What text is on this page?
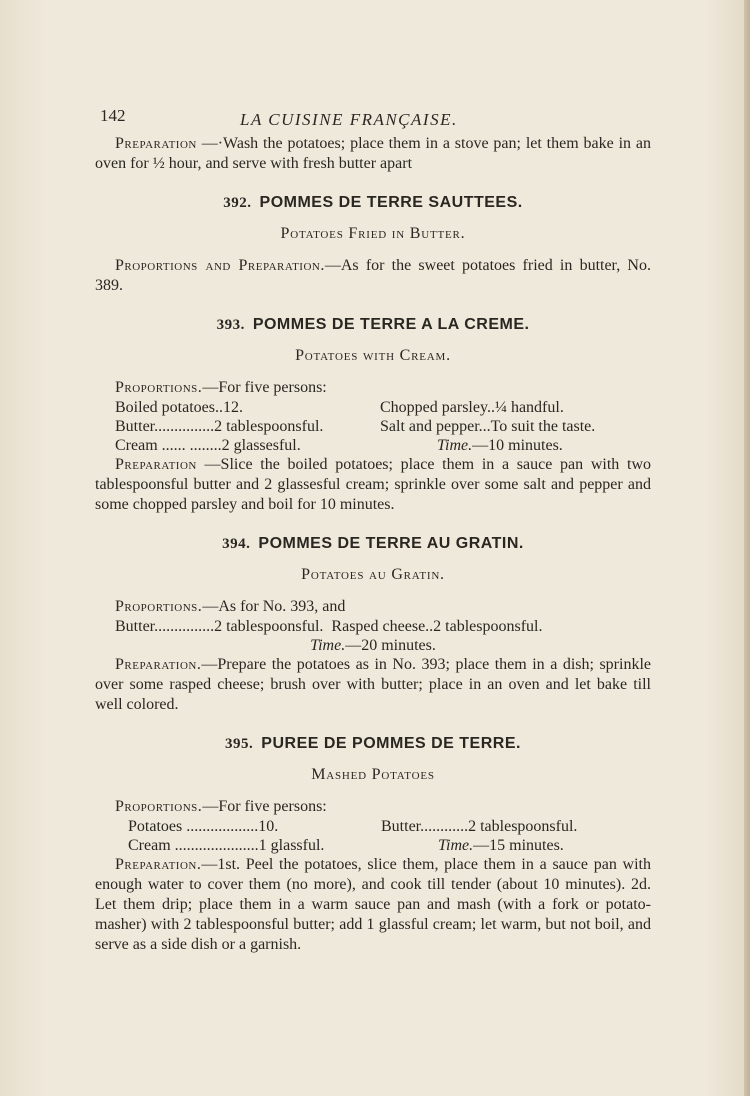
142	LA CUISINE FRANÇAISE.

Preparation —·Wash the potatoes; place them in a stove pan; let them bake in an oven for ½ hour, and serve with fresh butter apart

392. POMMES DE TERRE SAUTTEES.
Potatoes Fried in Butter.

Proportions and Preparation.—As for the sweet potatoes fried in butter, No. 389.

393. POMMES DE TERRE A LA CREME.
Potatoes with Cream.

Proportions.—For five persons:

Boiled potatoes..12.	Chopped parsley..¼ handful.
Butter...............2 tablespoonsful.	Salt and pepper...To suit the taste.
Cream ...... ........2 glassesful.	Time.—10 minutes.

Preparation —Slice the boiled potatoes; place them in a sauce pan with two tablespoonsful butter and 2 glassesful cream; sprinkle over some salt and pepper and some chopped parsley and boil for 10 minutes.

394. POMMES DE TERRE AU GRATIN.
Potatoes au Gratin.

Proportions.—As for No. 393, and

Butter...............2 tablespoonsful.  Rasped cheese..2 tablespoonsful.
Time.—20 minutes.

Preparation.—Prepare the potatoes as in No. 393; place them in a dish; sprinkle over some rasped cheese; brush over with butter; place in an oven and let bake till well colored.

395. PUREE DE POMMES DE TERRE.
Mashed Potatoes

Proportions.—For five persons:

Potatoes ..................10.	Butter............2 tablespoonsful.
Cream .....................1 glassful.	Time.—15 minutes.

Preparation.—1st. Peel the potatoes, slice them, place them in a sauce pan with enough water to cover them (no more), and cook till tender (about 10 minutes). 2d. Let them drip; place them in a warm sauce pan and mash (with a fork or potato-masher) with 2 tablespoonsful butter; add 1 glassful cream; let warm, but not boil, and serve as a side dish or a garnish.
